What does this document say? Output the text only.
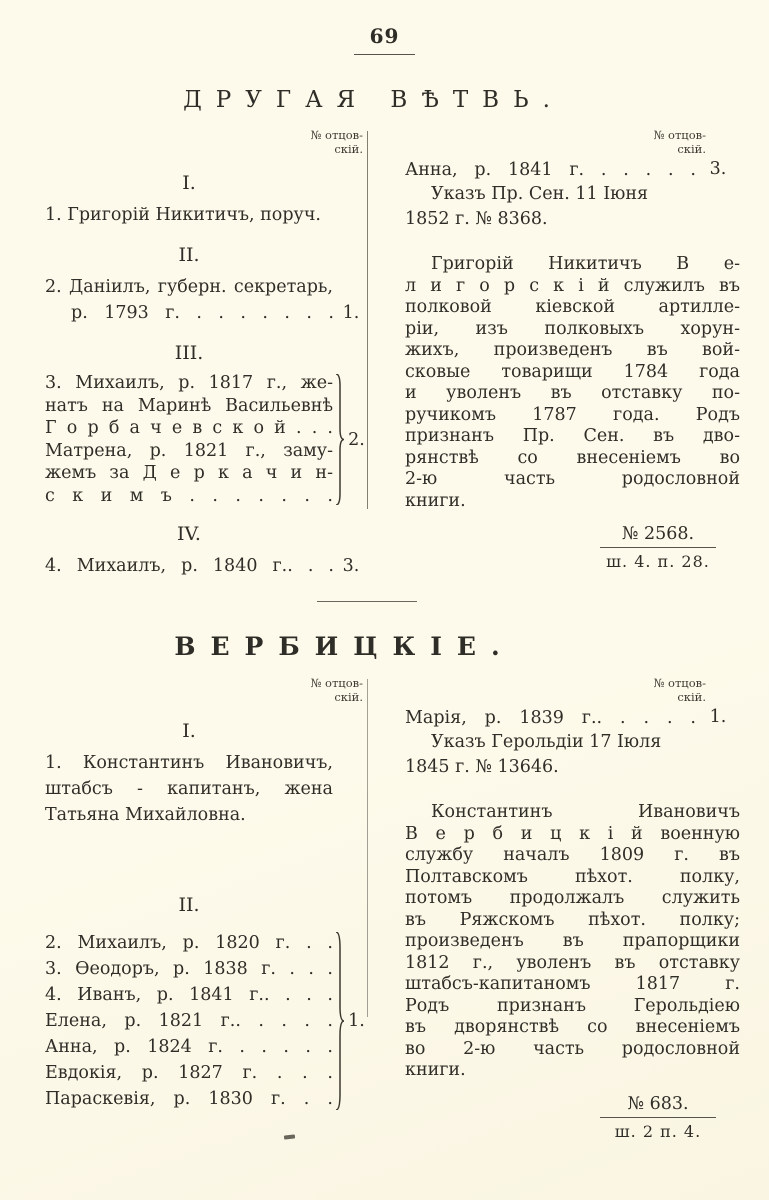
69
ДРУГАЯ ВѢТВЬ.
№ отцов-
скій.
I.
1. Григорій Никитичъ, поруч.
II.
2. Даніилъ, губерн. секретарь,
р. 1793 г. . . . . . . . 1.
III.
3. Михаилъ, р. 1817 г., же-
натъ на Маринѣ Васильевнѣ
Г о р б а ч е в с к о й . . .
Матрена, р. 1821 г., заму-
жемъ за Д е р к а ч и н-
с к и м ъ . . . . . . .
2.
IV.
4. Михаилъ, р. 1840 г.. . . 3.
№ отцов-
скій.
Анна, р. 1841 г. . . . . . 3.
Указъ Пр. Сен. 11 Іюня
1852 г. № 8368.
Григорій Никитичъ В е-
л и г о р с к і й служилъ въ
полковой кіевской артилле-
ріи, изъ полковыхъ хорун-
жихъ, произведенъ въ вой-
сковые товарищи 1784 года
и уволенъ въ отставку по-
ручикомъ 1787 года. Родъ
признанъ Пр. Сен. въ дво-
рянствѣ со внесеніемъ во
2-ю часть родословной
книги.
№ 2568.
ш. 4. п. 28.
ВЕРБИЦКІЕ.
№ отцов-
скій.
I.
1. Константинъ Ивановичъ,
штабсъ - капитанъ, жена
Татьяна Михайловна.
II.
2. Михаилъ, р. 1820 г. . .
3. Ѳеодоръ, р. 1838 г. . . .
4. Иванъ, р. 1841 г.. . . .
Елена, р. 1821 г.. . . . .
Анна, р. 1824 г. . . . . .
Евдокія, р. 1827 г. . . .
Параскевія, р. 1830 г. . .
1.
№ отцов-
скій.
Марія, р. 1839 г.. . . . . 1.
Указъ Герольдіи 17 Іюля
1845 г. № 13646.
Константинъ Ивановичъ
В е р б и ц к і й военную
службу началъ 1809 г. въ
Полтавскомъ пѣхот. полку,
потомъ продолжалъ служить
въ Ряжскомъ пѣхот. полку;
произведенъ въ прапорщики
1812 г., уволенъ въ отставку
штабсъ-капитаномъ 1817 г.
Родъ признанъ Герольдіею
въ дворянствѣ со внесеніемъ
во 2-ю часть родословной
книги.
№ 683.
ш. 2 п. 4.
